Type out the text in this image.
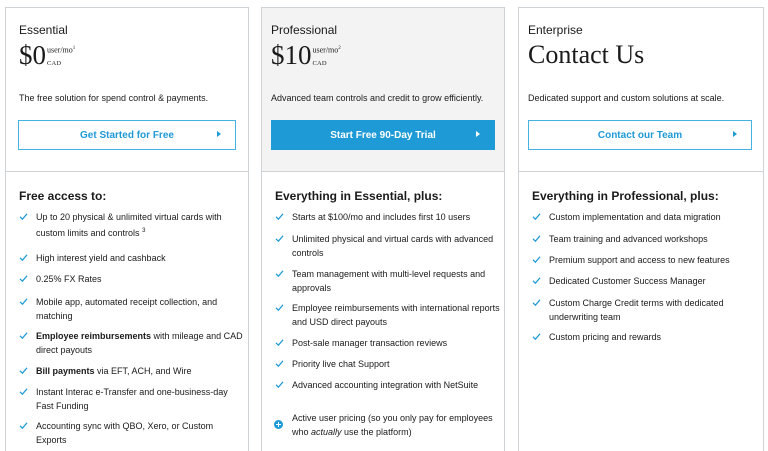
Essential
$\$0user/mo^1$
CAD
The free solution for spend control & payments.
Get Started for Free
Free access to:
Up to 20 physical & unlimited virtual cards with custom limits and controls $^3$
High interest yield and cashback
0.25% FX Rates
Mobile app, automated receipt collection, and matching
Employee reimbursements with mileage and CAD direct payouts
Bill payments via EFT, ACH, and Wire
Instant Interac e-Transfer and one-business-day Fast Funding
Accounting sync with QBO, Xero, or Custom Exports
Professional
$\$10user/mo^2$
CAD
Advanced team controls and credit to grow efficiently.
Start Free 90-Day Trial
Everything in Essential, plus:
Starts at $100/mo and includes first 10 users
Unlimited physical and virtual cards with advanced controls
Team management with multi-level requests and approvals
Employee reimbursements with international reports and USD direct payouts
Post-sale manager transaction reviews
Priority live chat Support
Advanced accounting integration with NetSuite
Active user pricing (so you only pay for employees who actually use the platform)
Enterprise
Contact Us
Dedicated support and custom solutions at scale.
Contact our Team
Everything in Professional, plus:
Custom implementation and data migration
Team training and advanced workshops
Premium support and access to new features
Dedicated Customer Success Manager
Custom Charge Credit terms with dedicated underwriting team
Custom pricing and rewards
